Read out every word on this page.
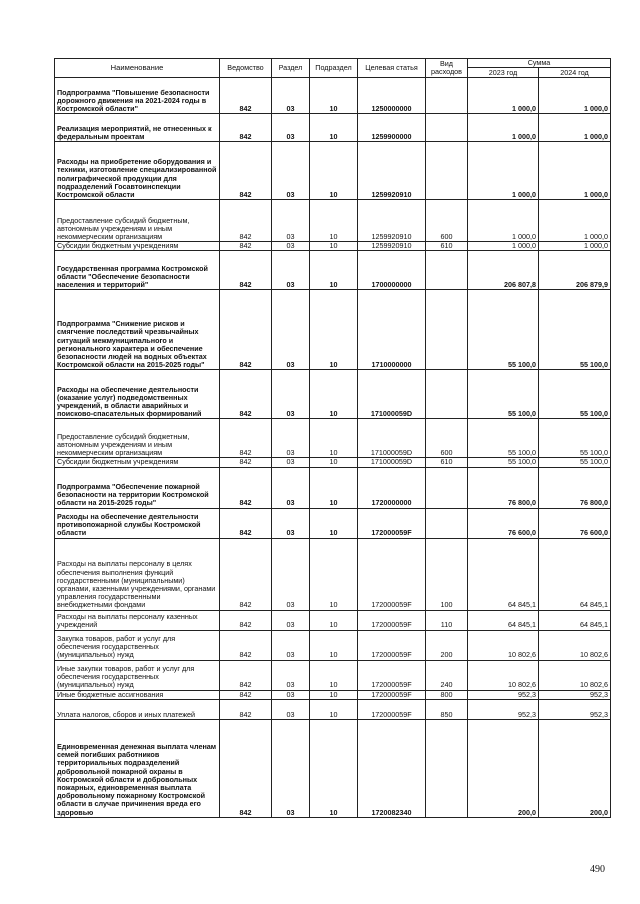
Наименование	Ведомство	Раздел	Подраздел	Целевая статья	Вид расходов	Сумма	
						2023 год	2024 год
Подпрограмма "Повышение безопасности дорожного движения на 2021-2024 годы в Костромской области"	842	03	10	1250000000		1 000,0	1 000,0
Реализация мероприятий, не отнесенных к федеральным проектам	842	03	10	1259900000		1 000,0	1 000,0
Расходы на приобретение оборудования и техники, изготовление специализированной полиграфической продукции для подразделений Госавтоинспекции Костромской области	842	03	10	1259920910		1 000,0	1 000,0
Предоставление субсидий бюджетным, автономным учреждениям и иным некоммерческим организациям	842	03	10	1259920910	600	1 000,0	1 000,0
Субсидии бюджетным учреждениям	842	03	10	1259920910	610	1 000,0	1 000,0
Государственная программа Костромской области "Обеспечение безопасности населения и территорий"	842	03	10	1700000000		206 807,8	206 879,9
Подпрограмма "Снижение рисков и смягчение последствий чрезвычайных ситуаций межмуниципального и регионального характера и обеспечение безопасности людей на водных объектах Костромской области на 2015-2025 годы"	842	03	10	1710000000		55 100,0	55 100,0
Расходы на обеспечение деятельности (оказание услуг) подведомственных учреждений, в области аварийных и поисково-спасательных формирований	842	03	10	171000059D		55 100,0	55 100,0
Предоставление субсидий бюджетным, автономным учреждениям и иным некоммерческим организациям	842	03	10	171000059D	600	55 100,0	55 100,0
Субсидии бюджетным учреждениям	842	03	10	171000059D	610	55 100,0	55 100,0
Подпрограмма "Обеспечение пожарной безопасности на территории Костромской области на 2015-2025 годы"	842	03	10	1720000000		76 800,0	76 800,0
Расходы на обеспечение деятельности противопожарной службы Костромской области	842	03	10	172000059F		76 600,0	76 600,0
Расходы на выплаты персоналу в целях обеспечения выполнения функций государственными (муниципальными) органами, казенными учреждениями, органами управления государственными внебюджетными фондами	842	03	10	172000059F	100	64 845,1	64 845,1
Расходы на выплаты персоналу казенных учреждений	842	03	10	172000059F	110	64 845,1	64 845,1
Закупка товаров, работ и услуг для обеспечения государственных (муниципальных) нужд	842	03	10	172000059F	200	10 802,6	10 802,6
Иные закупки товаров, работ и услуг для обеспечения государственных (муниципальных) нужд	842	03	10	172000059F	240	10 802,6	10 802,6
Иные бюджетные ассигнования	842	03	10	172000059F	800	952,3	952,3
Уплата налогов, сборов и иных платежей	842	03	10	172000059F	850	952,3	952,3
Единовременная денежная выплата членам семей погибших работников территориальных подразделений добровольной пожарной охраны в Костромской области и добровольных пожарных, единовременная выплата добровольному пожарному Костромской области в случае причинения вреда его здоровью	842	03	10	1720082340		200,0	200,0
490
